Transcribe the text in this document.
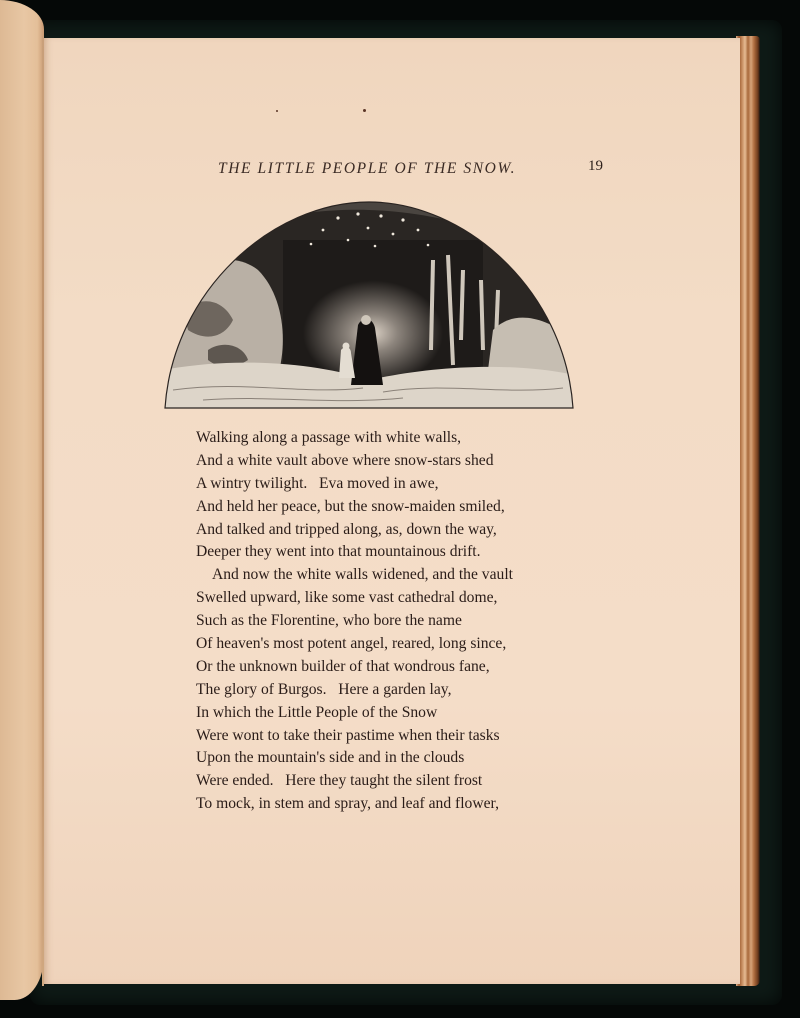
THE LITTLE PEOPLE OF THE SNOW.	19
Walking along a passage with white walls,
And a white vault above where snow-stars shed
A wintry twilight.   Eva moved in awe,
And held her peace, but the snow-maiden smiled,
And talked and tripped along, as, down the way,
Deeper they went into that mountainous drift.
And now the white walls widened, and the vault
Swelled upward, like some vast cathedral dome,
Such as the Florentine, who bore the name
Of heaven's most potent angel, reared, long since,
Or the unknown builder of that wondrous fane,
The glory of Burgos.   Here a garden lay,
In which the Little People of the Snow
Were wont to take their pastime when their tasks
Upon the mountain's side and in the clouds
Were ended.   Here they taught the silent frost
To mock, in stem and spray, and leaf and flower,
